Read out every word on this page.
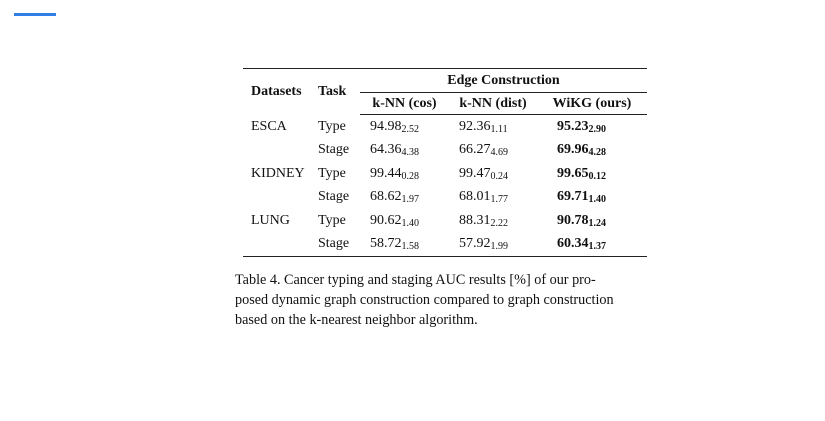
Datasets	Task	Edge Construction		
		k-NN (cos)	k-NN (dist)	WiKG (ours)
ESCA	Type	$94.98_{2.52}$	$92.36_{1.11}$	$95.23_{2.90}$
	Stage	$64.36_{4.38}$	$66.27_{4.69}$	$69.96_{4.28}$
KIDNEY	Type	$99.44_{0.28}$	$99.47_{0.24}$	$99.65_{0.12}$
	Stage	$68.62_{1.97}$	$68.01_{1.77}$	$69.71_{1.40}$
LUNG	Type	$90.62_{1.40}$	$88.31_{2.22}$	$90.78_{1.24}$
	Stage	$58.72_{1.58}$	$57.92_{1.99}$	$60.34_{1.37}$
Table 4. Cancer typing and staging AUC results [%] of our pro-
posed dynamic graph construction compared to graph construction
based on the k-nearest neighbor algorithm.
